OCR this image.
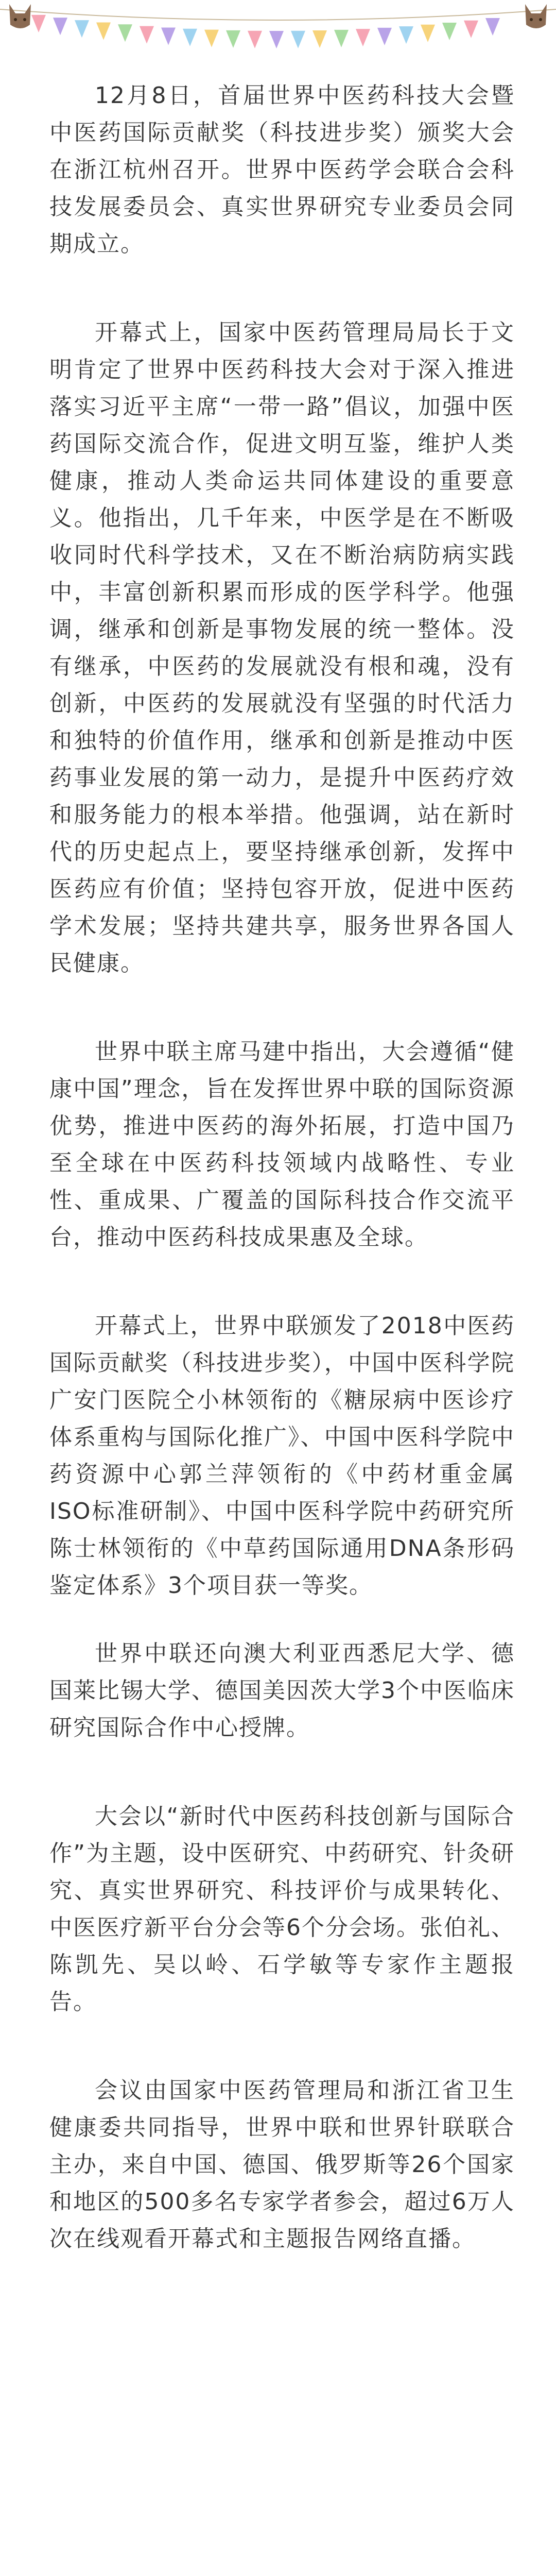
12月8日，首届世界中医药科技大会暨中医药国际贡献奖（科技进步奖）颁奖大会在浙江杭州召开。世界中医药学会联合会科技发展委员会、真实世界研究专业委员会同期成立。

开幕式上，国家中医药管理局局长于文明肯定了世界中医药科技大会对于深入推进落实习近平主席“一带一路”倡议，加强中医药国际交流合作，促进文明互鉴，维护人类健康，推动人类命运共同体建设的重要意义。他指出，几千年来，中医学是在不断吸收同时代科学技术，又在不断治病防病实践中，丰富创新积累而形成的医学科学。他强调，继承和创新是事物发展的统一整体。没有继承，中医药的发展就没有根和魂，没有创新，中医药的发展就没有坚强的时代活力和独特的价值作用，继承和创新是推动中医药事业发展的第一动力，是提升中医药疗效和服务能力的根本举措。他强调，站在新时代的历史起点上，要坚持继承创新，发挥中医药应有价值；坚持包容开放，促进中医药学术发展；坚持共建共享，服务世界各国人民健康。

世界中联主席马建中指出，大会遵循“健康中国”理念，旨在发挥世界中联的国际资源优势，推进中医药的海外拓展，打造中国乃至全球在中医药科技领域内战略性、专业性、重成果、广覆盖的国际科技合作交流平台，推动中医药科技成果惠及全球。

开幕式上，世界中联颁发了2018中医药国际贡献奖（科技进步奖），中国中医科学院广安门医院仝小林领衔的《糖尿病中医诊疗体系重构与国际化推广》、中国中医科学院中药资源中心郭兰萍领衔的《中药材重金属ISO标准研制》、中国中医科学院中药研究所陈士林领衔的《中草药国际通用DNA条形码鉴定体系》3个项目获一等奖。

世界中联还向澳大利亚西悉尼大学、德国莱比锡大学、德国美因茨大学3个中医临床研究国际合作中心授牌。

大会以“新时代中医药科技创新与国际合作”为主题，设中医研究、中药研究、针灸研究、真实世界研究、科技评价与成果转化、中医医疗新平台分会等6个分会场。张伯礼、陈凯先、吴以岭、石学敏等专家作主题报告。

会议由国家中医药管理局和浙江省卫生健康委共同指导，世界中联和世界针联联合主办，来自中国、德国、俄罗斯等26个国家和地区的500多名专家学者参会，超过6万人次在线观看开幕式和主题报告网络直播。
